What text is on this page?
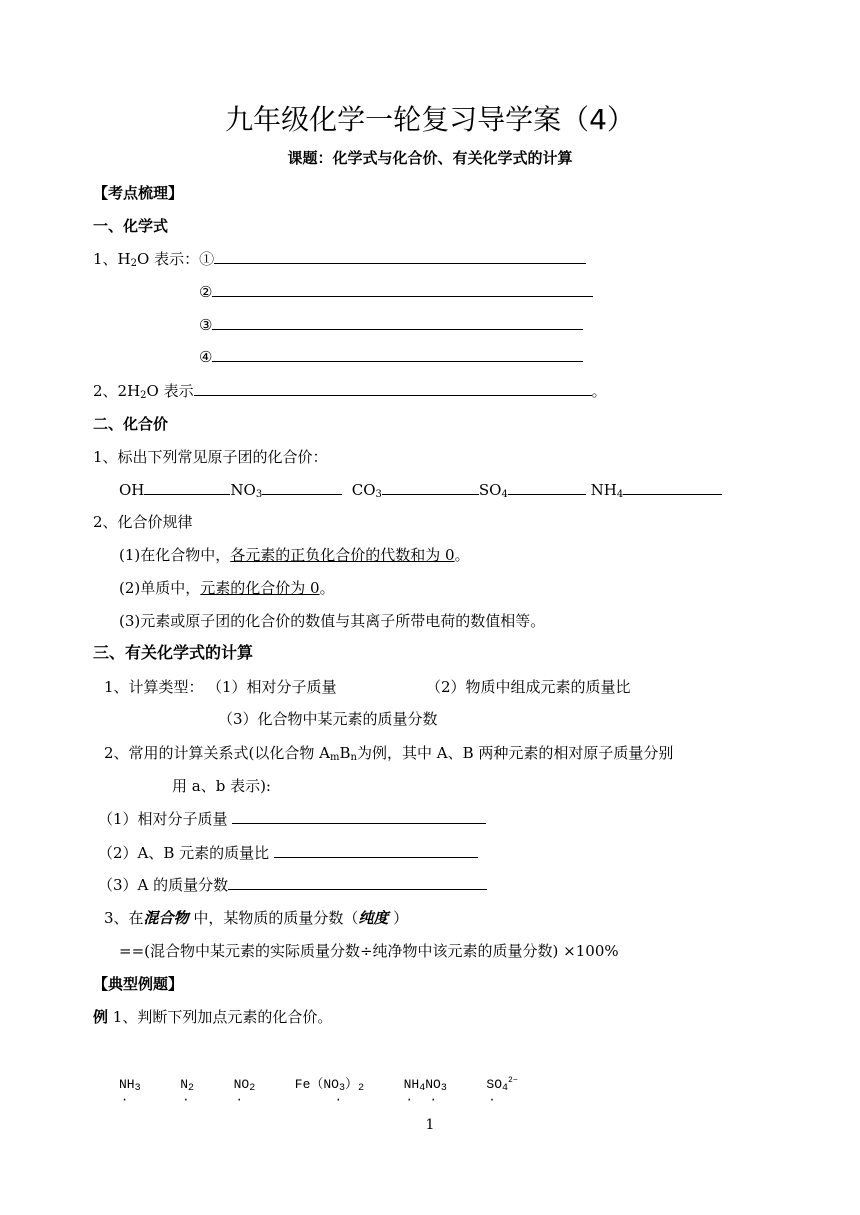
九年级化学一轮复习导学案（4）
课题：化学式与化合价、有关化学式的计算
【考点梳理】
一、化学式
1、$H_2O$ 表示：①
②
③
④
2、$2H_2O$ 表示	。
二、化合价
1、标出下列常见原子团的化合价：
OH	$NO_3$	$CO_3$	$SO_4$	$NH_4$
2、化合价规律
(1)在化合物中，各元素的正负化合价的代数和为 0。
(2)单质中，元素的化合价为 0。
(3)元素或原子团的化合价的数值与其离子所带电荷的数值相等。
三、有关化学式的计算
1、计算类型： （1）相对分子质量	（2）物质中组成元素的质量比
（3）化合物中某元素的质量分数
2、常用的计算关系式(以化合物 $A_mB_n$为例，其中 A、B 两种元素的相对原子质量分别
用 a、b 表示):
（1）相对分子质量
（2）A、B 元素的质量比
（3）A 的质量分数
3、在混合物 中，某物质的质量分数（纯度 ）
==(混合物中某元素的实际质量分数÷纯净物中该元素的质量分数) ×100%
【典型例题】
例 1、判断下列加点元素的化合价。
$NH_3$
·
$N_2$
·
$NO_2$
·
$Fe(NO_3)_2$
·
$NH_4NO_3$
· ·
$SO_4^{2-}$
·
1
